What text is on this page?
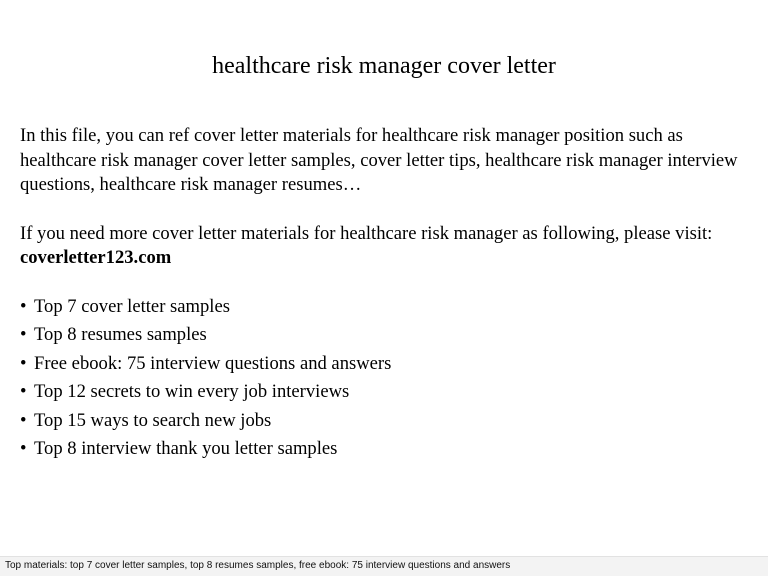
healthcare risk manager cover letter

In this file, you can ref cover letter materials for healthcare risk manager position such as healthcare risk manager cover letter samples, cover letter tips, healthcare risk manager interview questions, healthcare risk manager resumes…

If you need more cover letter materials for healthcare risk manager as following, please visit: coverletter123.com

• Top 7 cover letter samples
• Top 8 resumes samples
• Free ebook: 75 interview questions and answers
• Top 12 secrets to win every job interviews
• Top 15 ways to search new jobs
• Top 8 interview thank you letter samples
Top materials: top 7 cover letter samples, top 8 resumes samples, free ebook: 75 interview questions and answers
